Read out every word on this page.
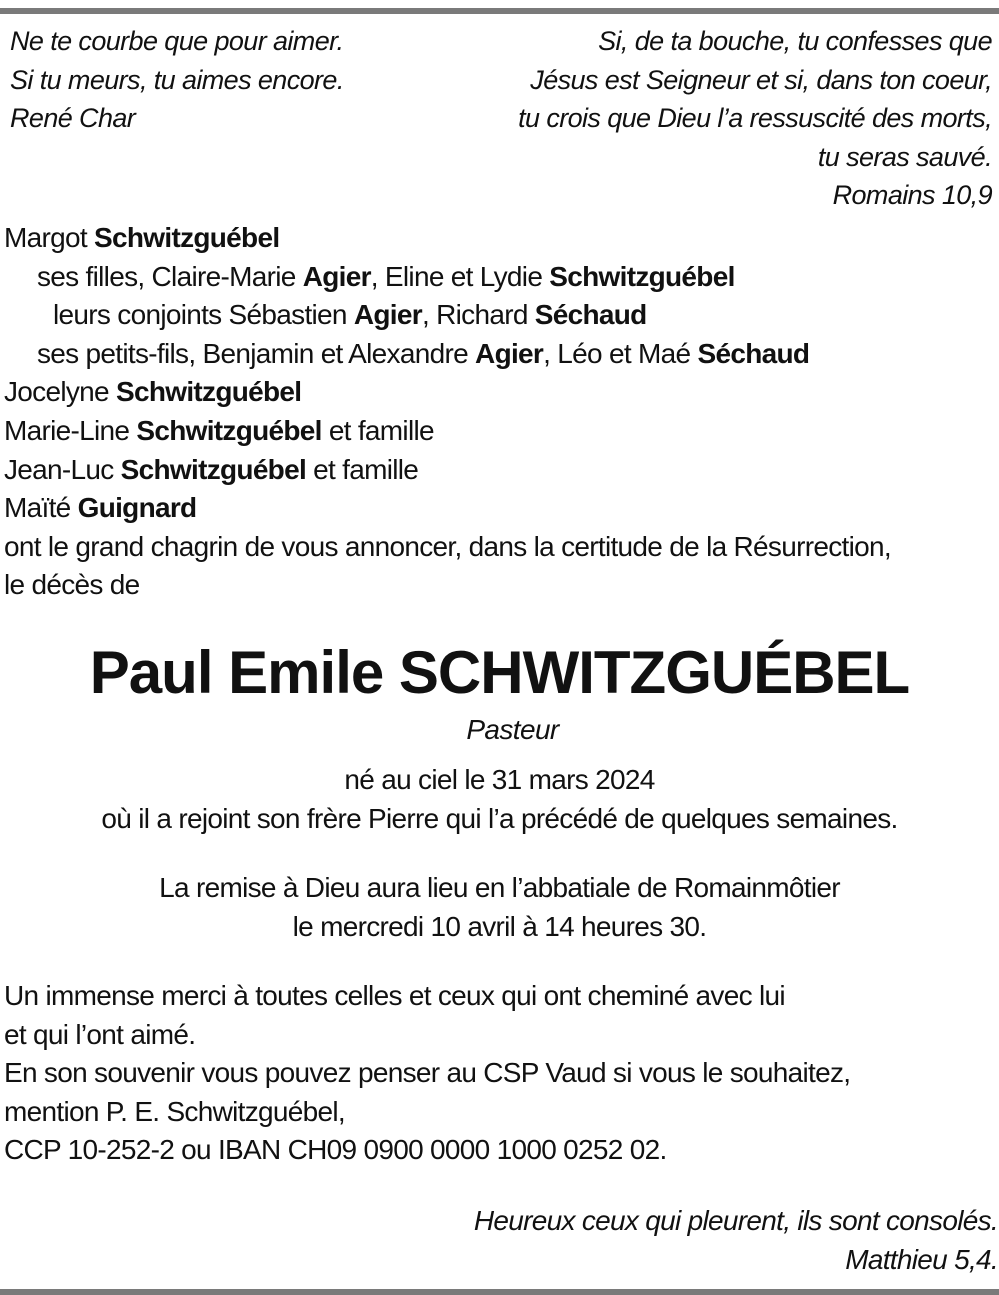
Ne te courbe que pour aimer.
Si tu meurs, tu aimes encore.
René Char
Si, de ta bouche, tu confesses que
Jésus est Seigneur et si, dans ton coeur,
tu crois que Dieu l’a ressuscité des morts,
tu seras sauvé.
Romains 10,9
Margot Schwitzguébel
ses filles, Claire-Marie Agier, Eline et Lydie Schwitzguébel
leurs conjoints Sébastien Agier, Richard Séchaud
ses petits-fils, Benjamin et Alexandre Agier, Léo et Maé Séchaud
Jocelyne Schwitzguébel
Marie-Line Schwitzguébel et famille
Jean-Luc Schwitzguébel et famille
Maïté Guignard
ont le grand chagrin de vous annoncer, dans la certitude de la Résurrection,
le décès de
Paul Emile SCHWITZGUÉBEL
Pasteur
né au ciel le 31 mars 2024
où il a rejoint son frère Pierre qui l’a précédé de quelques semaines.
La remise à Dieu aura lieu en l’abbatiale de Romainmôtier
le mercredi 10 avril à 14 heures 30.
Un immense merci à toutes celles et ceux qui ont cheminé avec lui
et qui l’ont aimé.
En son souvenir vous pouvez penser au CSP Vaud si vous le souhaitez,
mention P. E. Schwitzguébel,
CCP 10-252-2 ou IBAN CH09 0900 0000 1000 0252 02.
Heureux ceux qui pleurent, ils sont consolés.
Matthieu 5,4.
